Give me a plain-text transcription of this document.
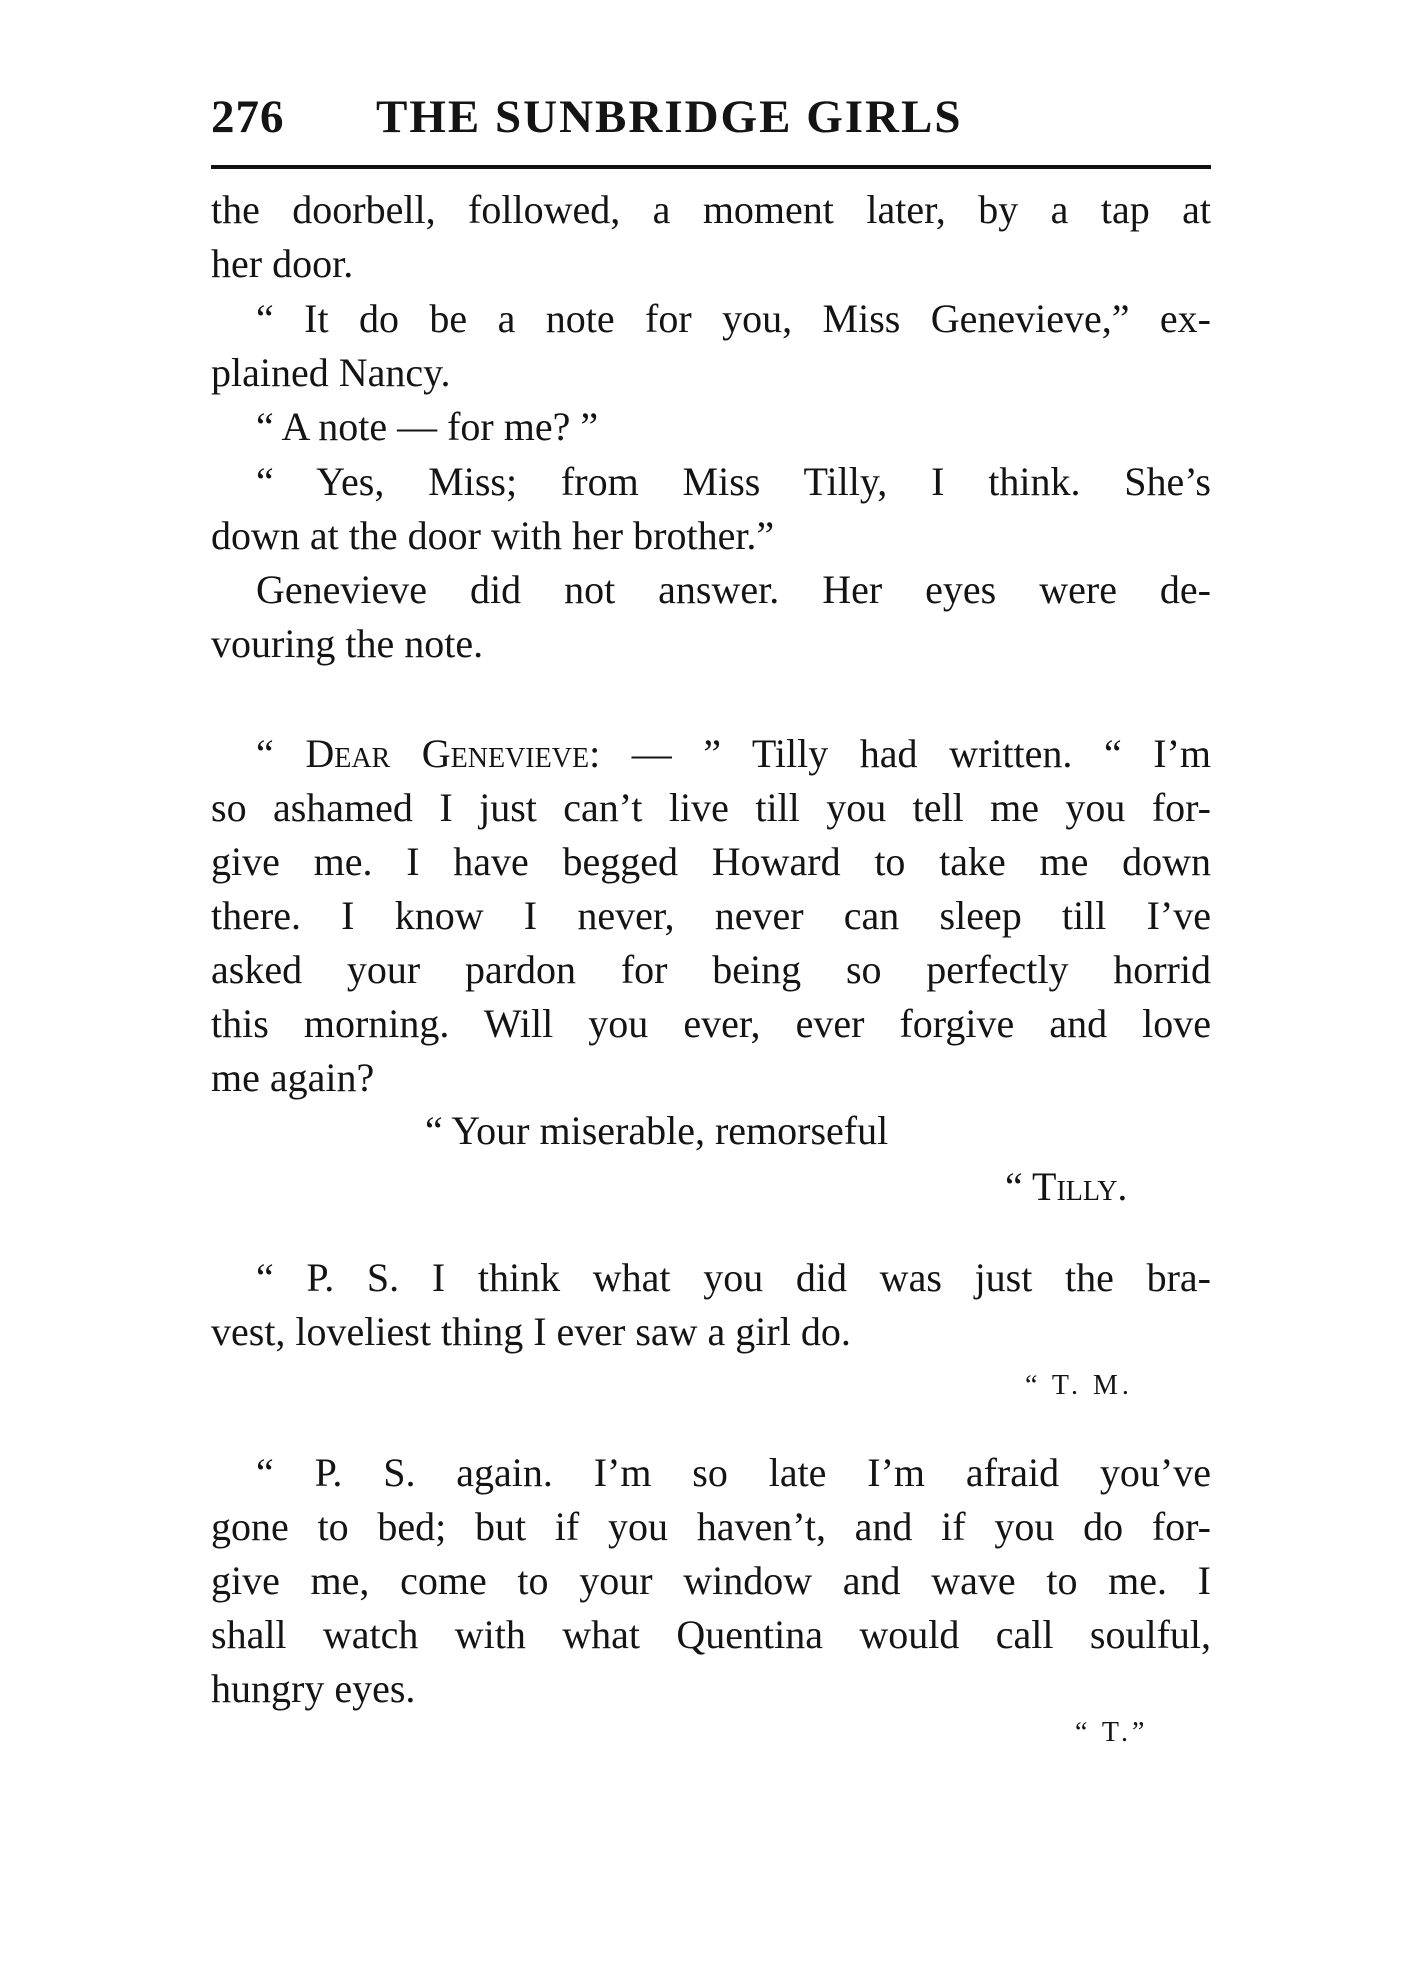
276 THE SUNBRIDGE GIRLS
the doorbell, followed, a moment later, by a tap at
her door.
“ It do be a note for you, Miss Genevieve,” ex-
plained Nancy.
“ A note — for me? ”
“ Yes, Miss; from Miss Tilly, I think. She’s
down at the door with her brother.”
Genevieve did not answer. Her eyes were de-
vouring the note.
“ Dear Genevieve: — ” Tilly had written. “ I’m
so ashamed I just can’t live till you tell me you for-
give me. I have begged Howard to take me down
there. I know I never, never can sleep till I’ve
asked your pardon for being so perfectly horrid
this morning. Will you ever, ever forgive and love
me again?
“ Your miserable, remorseful
“ Tilly.
“ P. S. I think what you did was just the bra-
vest, loveliest thing I ever saw a girl do.
“ T. M.
“ P. S. again. I’m so late I’m afraid you’ve
gone to bed; but if you haven’t, and if you do for-
give me, come to your window and wave to me. I
shall watch with what Quentina would call soulful,
hungry eyes.
“ T.”
